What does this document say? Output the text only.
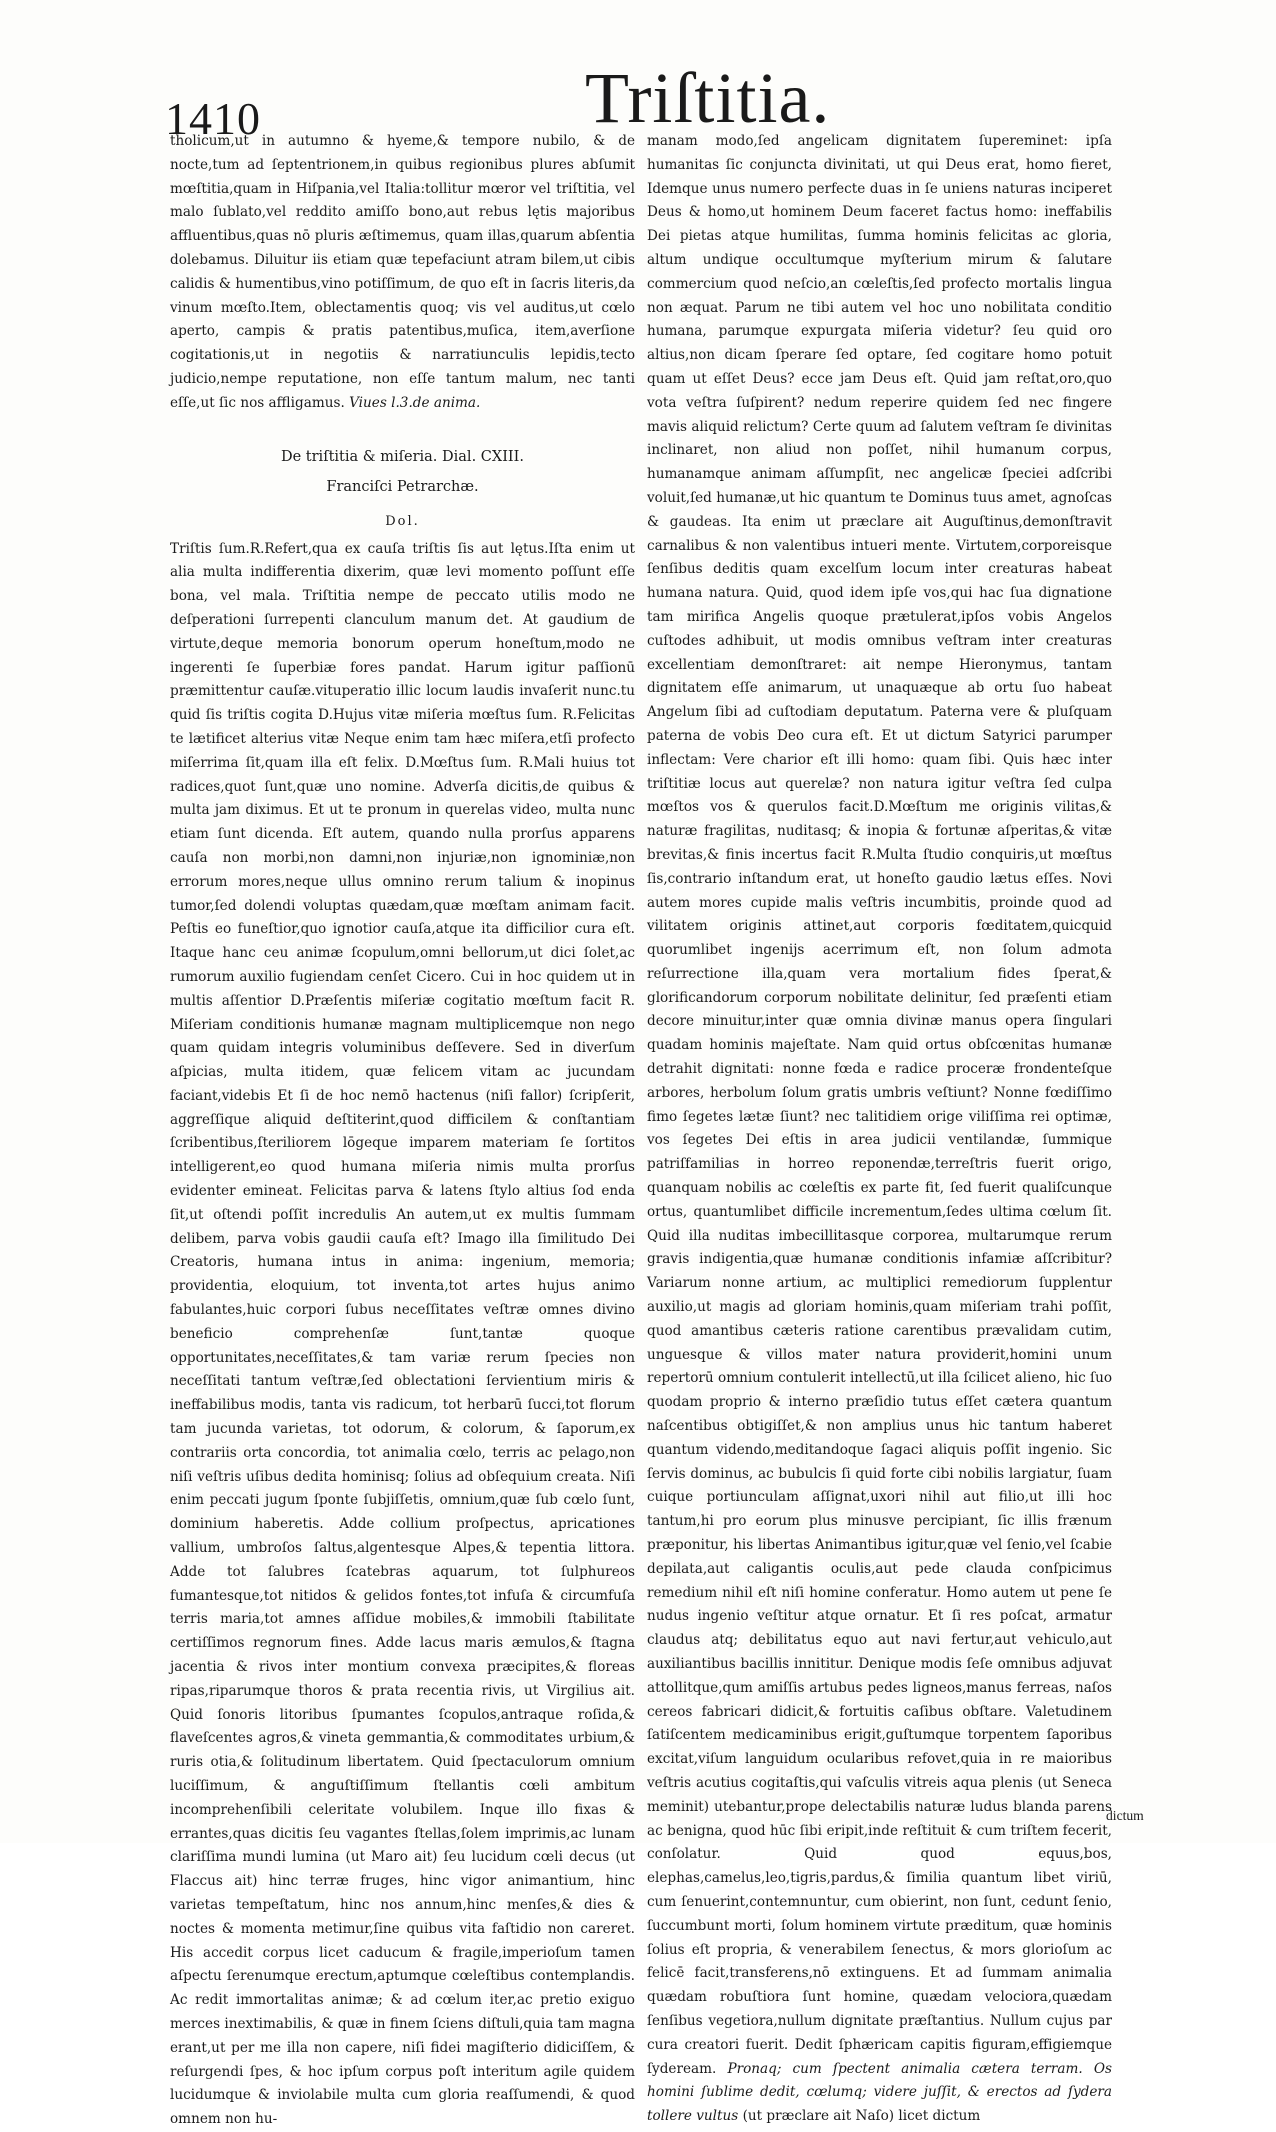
1410	Triſtitia.

tholicum,ut in autumno & hyeme,& tempore nubilo, & de nocte,tum ad ſeptentrionem,in quibus regionibus plures abſumit mœſtitia,quam in Hiſpania,vel Italia:tollitur mœror vel triſtitia, vel malo ſublato,vel reddito amiſſo bono,aut rebus lętis majoribus affluentibus,quas nō pluris æſtimemus, quam illas,quarum abſentia dolebamus. Diluitur iis etiam quæ tepefaciunt atram bilem,ut cibis calidis & humentibus,vino potiſſimum, de quo eſt in ſacris literis,da vinum mœſto.Item, oblectamentis quoq; vis vel auditus,ut cœlo aperto, campis & pratis patentibus,muſica, item,averſione cogitationis,ut in negotiis & narratiunculis lepidis,tecto judicio,nempe reputatione, non eſſe tantum malum, nec tanti eſſe,ut ſic nos affligamus. Viues l.3.de anima.

De triſtitia & miſeria. Dial. CXIII.
Franciſci Petrarchæ.
Dol.

Triſtis ſum.R.Refert,qua ex cauſa triſtis ſis aut lętus.Iſta enim ut alia multa indifferentia dixerim, quæ levi momento poſſunt eſſe bona, vel mala. Triſtitia nempe de peccato utilis modo ne deſperationi ſurrepenti clanculum manum det. At gaudium de virtute,deque memoria bonorum operum honeſtum,modo ne ingerenti ſe ſuperbiæ fores pandat. Harum igitur paſſionū præmittentur cauſæ.vituperatio illic locum laudis invaſerit nunc.tu quid ſis triſtis cogita D.Hujus vitæ miſeria mœſtus ſum. R.Felicitas te lætificet alterius vitæ Neque enim tam hæc miſera,etſi profecto miſerrima ſit,quam illa eſt felix. D.Mœſtus ſum. R.Mali huius tot radices,quot ſunt,quæ uno nomine. Adverſa dicitis,de quibus & multa jam diximus. Et ut te pronum in querelas video, multa nunc etiam ſunt dicenda. Eſt autem, quando nulla prorſus apparens cauſa non morbi,non damni,non injuriæ,non ignominiæ,non errorum mores,neque ullus omnino rerum talium & inopinus tumor,ſed dolendi voluptas quædam,quæ mœſtam animam facit. Peſtis eo funeſtior,quo ignotior cauſa,atque ita difficilior cura eſt. Itaque hanc ceu animæ ſcopulum,omni bellorum,ut dici ſolet,ac rumorum auxilio fugiendam cenſet Cicero. Cui in hoc quidem ut in multis aſſentior D.Præſentis miſeriæ cogitatio mœſtum facit R. Miſeriam conditionis humanæ magnam multiplicemque non nego quam quidam integris voluminibus deſſevere. Sed in diverſum aſpicias, multa itidem, quæ felicem vitam ac jucundam faciant,videbis Et ſi de hoc nemō hactenus (niſi fallor) ſcripſerit, aggreſſique aliquid deſtiterint,quod difficilem & conſtantiam ſcribentibus,ſteriliorem lōgeque imparem materiam ſe ſortitos intelligerent,eo quod humana miſeria nimis multa prorſus evidenter emineat. Felicitas parva & latens ſtylo altius ſod enda ſit,ut oſtendi poſſit incredulis An autem,ut ex multis ſummam delibem, parva vobis gaudii cauſa eſt? Imago illa ſimilitudo Dei Creatoris, humana intus in anima: ingenium, memoria; providentia, eloquium, tot inventa,tot artes hujus animo fabulantes,huic corpori ſubus neceſſitates veſtræ omnes divino beneficio comprehenſæ ſunt,tantæ quoque opportunitates,neceſſitates,& tam variæ rerum ſpecies non neceſſitati tantum veſtræ,ſed oblectationi ſervientium miris & ineffabilibus modis, tanta vis radicum, tot herbarū ſucci,tot florum tam jucunda varietas, tot odorum, & colorum, & ſaporum,ex contrariis orta concordia, tot animalia cœlo, terris ac pelago,non niſi veſtris uſibus dedita hominisq; ſolius ad obſequium creata. Niſi enim peccati jugum ſponte ſubjiſſetis, omnium,quæ ſub cœlo ſunt, dominium haberetis. Adde collium proſpectus, apricationes vallium, umbroſos ſaltus,algentesque Alpes,& tepentia littora. Adde tot ſalubres ſcatebras aquarum, tot ſulphureos fumantesque,tot nitidos & gelidos fontes,tot infuſa & circumfuſa terris maria,tot amnes aſſidue mobiles,& immobili ſtabilitate certiſſimos regnorum fines. Adde lacus maris æmulos,& ſtagna jacentia & rivos inter montium convexa præcipites,& floreas ripas,riparumque thoros & prata recentia rivis, ut Virgilius ait. Quid ſonoris litoribus ſpumantes ſcopulos,antraque roſida,& flaveſcentes agros,& vineta gemmantia,& commoditates urbium,& ruris otia,& ſolitudinum libertatem. Quid ſpectaculorum omnium luciſſimum, & anguſtiſſimum ſtellantis cœli ambitum incomprehenſibili celeritate volubilem. Inque illo fixas & errantes,quas dicitis ſeu vagantes ſtellas,ſolem imprimis,ac lunam clariſſima mundi lumina (ut Maro ait) ſeu lucidum cœli decus (ut Flaccus ait) hinc terræ fruges, hinc vigor animantium, hinc varietas tempeſtatum, hinc nos annum,hinc menſes,& dies & noctes & momenta metimur,ſine quibus vita faſtidio non careret. His accedit corpus licet caducum & fragile,imperioſum tamen aſpectu ſerenumque erectum,aptumque cœleſtibus contemplandis. Ac redit immortalitas animæ; & ad cœlum iter,ac pretio exiguo merces inextimabilis, & quæ in finem ſciens diſtuli,quia tam magna erant,ut per me illa non capere, niſi fidei magiſterio didiciſſem, & reſurgendi ſpes, & hoc ipſum corpus poſt interitum agile quidem lucidumque & inviolabile multa cum gloria reaſſumendi, & quod omnem non hu-

manam modo,ſed angelicam dignitatem ſupereminet: ipſa humanitas ſic conjuncta divinitati, ut qui Deus erat, homo fieret, Idemque unus numero perfecte duas in ſe uniens naturas inciperet Deus & homo,ut hominem Deum faceret factus homo: ineffabilis Dei pietas atque humilitas, ſumma hominis felicitas ac gloria, altum undique occultumque myſterium mirum & ſalutare commercium quod neſcio,an cœleſtis,ſed profecto mortalis lingua non æquat. Parum ne tibi autem vel hoc uno nobilitata conditio humana, parumque expurgata miſeria videtur? ſeu quid oro altius,non dicam ſperare ſed optare, ſed cogitare homo potuit quam ut eſſet Deus? ecce jam Deus eſt. Quid jam reſtat,oro,quo vota veſtra ſuſpirent? nedum reperire quidem ſed nec fingere mavis aliquid relictum? Certe quum ad ſalutem veſtram ſe divinitas inclinaret, non aliud non poſſet, nihil humanum corpus, humanamque animam aſſumpſit, nec angelicæ ſpeciei adſcribi voluit,ſed humanæ,ut hic quantum te Dominus tuus amet, agnoſcas & gaudeas. Ita enim ut præclare ait Auguſtinus,demonſtravit carnalibus & non valentibus intueri mente. Virtutem,corporeisque ſenſibus deditis quam excelſum locum inter creaturas habeat humana natura. Quid, quod idem ipſe vos,qui hac ſua dignatione tam mirifica Angelis quoque prætulerat,ipſos vobis Angelos cuſtodes adhibuit, ut modis omnibus veſtram inter creaturas excellentiam demonſtraret: ait nempe Hieronymus, tantam dignitatem eſſe animarum, ut unaquæque ab ortu ſuo habeat Angelum ſibi ad cuſtodiam deputatum. Paterna vere & pluſquam paterna de vobis Deo cura eſt. Et ut dictum Satyrici parumper inflectam: Vere charior eſt illi homo: quam ſibi. Quis hæc inter triſtitiæ locus aut querelæ? non natura igitur veſtra ſed culpa mœſtos vos & querulos facit.D.Mœſtum me originis vilitas,& naturæ fragilitas, nuditasq; & inopia & fortunæ aſperitas,& vitæ brevitas,& finis incertus facit R.Multa ſtudio conquiris,ut mœſtus ſis,contrario inſtandum erat, ut honeſto gaudio lætus eſſes. Novi autem mores cupide malis veſtris incumbitis, proinde quod ad vilitatem originis attinet,aut corporis fœditatem,quicquid quorumlibet ingenijs acerrimum eſt, non ſolum admota reſurrectione illa,quam vera mortalium fides ſperat,& glorificandorum corporum nobilitate delinitur, ſed præſenti etiam decore minuitur,inter quæ omnia divinæ manus opera ſingulari quadam hominis majeſtate. Nam quid ortus obſcœnitas humanæ detrahit dignitati: nonne fœda e radice proceræ frondenteſque arbores, herbolum ſolum gratis umbris veſtiunt? Nonne fœdiſſimo fimo ſegetes lætæ ſiunt? nec talitidiem orige viliſſima rei optimæ, vos ſegetes Dei eſtis in area judicii ventilandæ, ſummique patriſfamilias in horreo reponendæ,terreſtris fuerit origo, quanquam nobilis ac cœleſtis ex parte fit, ſed fuerit qualiſcunque ortus, quantumlibet difficile incrementum,ſedes ultima cœlum ſit. Quid illa nuditas imbecillitasque corporea, multarumque rerum gravis indigentia,quæ humanæ conditionis infamiæ aſſcribitur? Variarum nonne artium, ac multiplici remediorum ſupplentur auxilio,ut magis ad gloriam hominis,quam miſeriam trahi poſſit, quod amantibus cæteris ratione carentibus prævalidam cutim, unguesque & villos mater natura providerit,homini unum repertorū omnium contulerit intellectū,ut illa ſcilicet alieno, hic ſuo quodam proprio & interno præſidio tutus eſſet cætera quantum naſcentibus obtigiſſet,& non amplius unus hic tantum haberet quantum videndo,meditandoque ſagaci aliquis poſſit ingenio. Sic ſervis dominus, ac bubulcis ſi quid forte cibi nobilis largiatur, ſuam cuique portiunculam aſſignat,uxori nihil aut filio,ut illi hoc tantum,hi pro eorum plus minusve percipiant, ſic illis frænum præponitur, his libertas Animantibus igitur,quæ vel ſenio,vel ſcabie depilata,aut caligantis oculis,aut pede clauda conſpicimus remedium nihil eſt niſi homine conferatur. Homo autem ut pene ſe nudus ingenio veſtitur atque ornatur. Et ſi res poſcat, armatur claudus atq; debilitatus equo aut navi fertur,aut vehiculo,aut auxiliantibus bacillis innititur. Denique modis ſeſe omnibus adjuvat attollitque,qum amiſſis artubus pedes ligneos,manus ferreas, naſos cereos fabricari didicit,& fortuitis caſibus obſtare. Valetudinem ſatiſcentem medicaminibus erigit,guſtumque torpentem ſaporibus excitat,viſum languidum ocularibus refovet,quia in re maioribus veſtris acutius cogitaſtis,qui vaſculis vitreis aqua plenis (ut Seneca meminit) utebantur,prope delectabilis naturæ ludus blanda parens ac benigna, quod hūc ſibi eripit,inde reſtituit & cum triſtem fecerit, conſolatur. Quid quod equus,bos, elephas,camelus,leo,tigris,pardus,& ſimilia quantum libet viriū, cum ſenuerint,contemnuntur, cum obierint, non ſunt, cedunt ſenio, ſuccumbunt morti, ſolum hominem virtute præditum, quæ hominis ſolius eſt propria, & venerabilem ſenectus, & mors glorioſum ac felicē facit,transferens,nō extinguens. Et ad ſummam animalia quædam robuſtiora ſunt homine, quædam velociora,quædam ſenſibus vegetiora,nullum dignitate præſtantius. Nullum cujus par cura creatori fuerit. Dedit ſphæricam capitis figuram,effigiemque ſydeream. Pronaq; cum ſpectent animalia cætera terram. Os homini ſublime dedit, cœlumq; videre juſſit, & erectos ad ſydera tollere vultus (ut præclare ait Naſo) licet dictum

dictum
